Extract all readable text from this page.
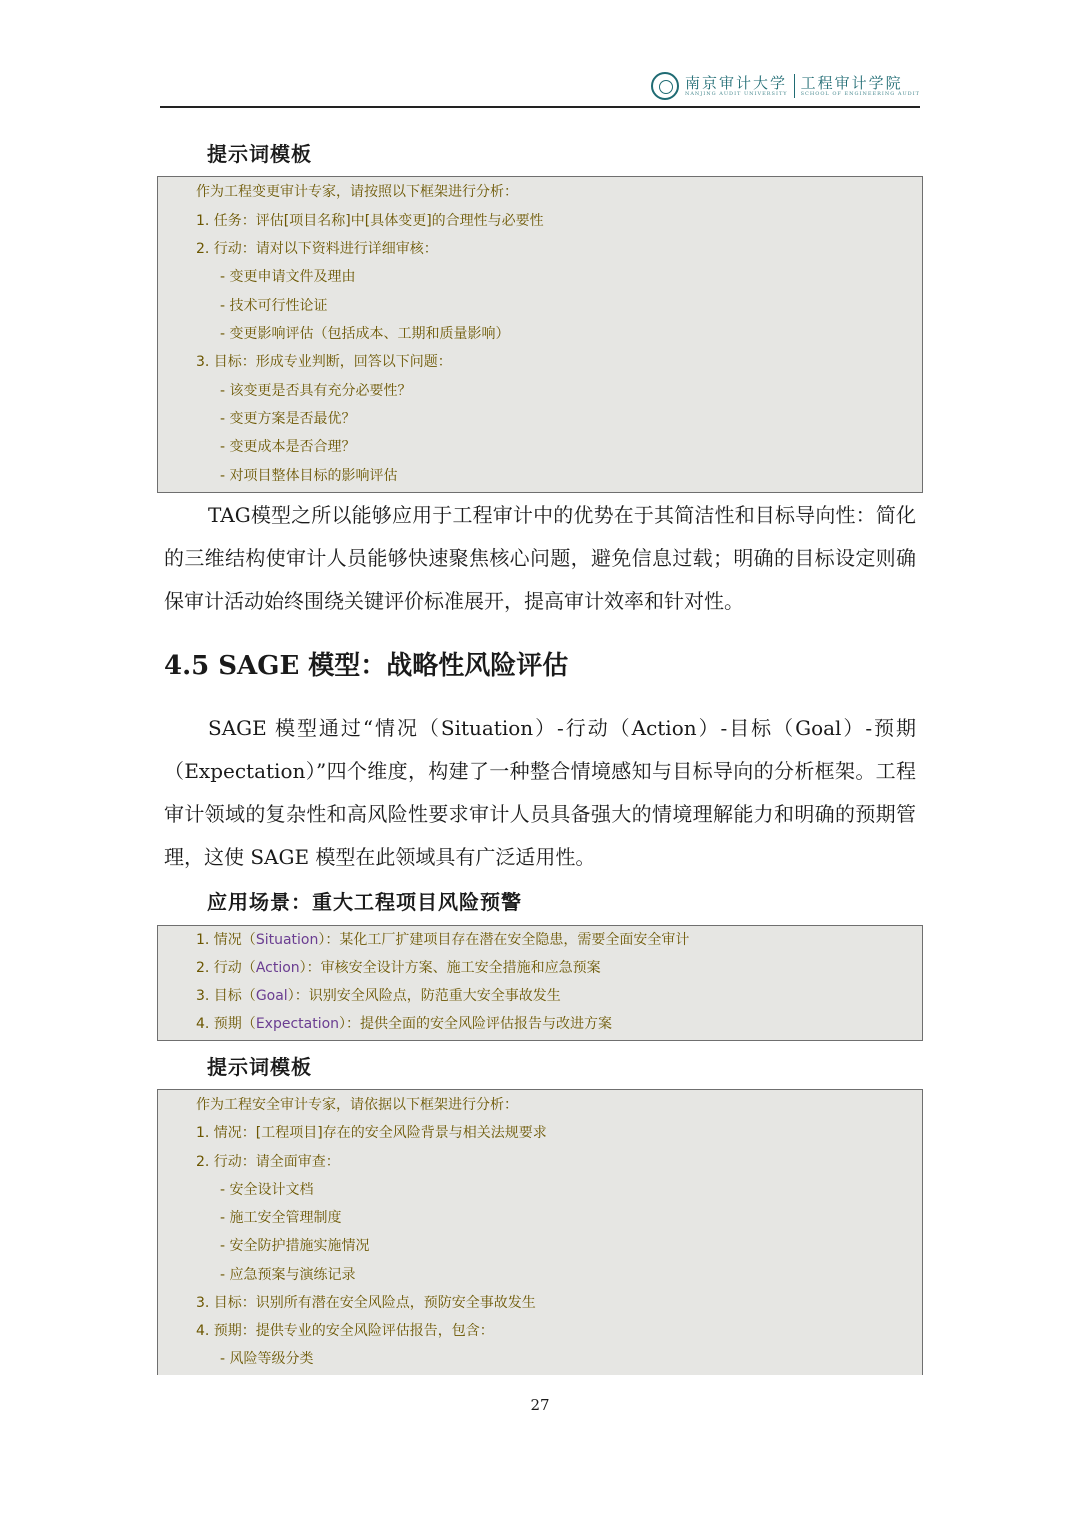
南京审计大学
NANJING AUDIT UNIVERSITY
工程审计学院
SCHOOL OF ENGINEERING AUDIT
提示词模板
作为工程变更审计专家，请按照以下框架进行分析：
1. 任务：评估[项目名称]中[具体变更]的合理性与必要性
2. 行动：请对以下资料进行详细审核：
- 变更申请文件及理由
- 技术可行性论证
- 变更影响评估（包括成本、工期和质量影响）
3. 目标：形成专业判断，回答以下问题：
- 该变更是否具有充分必要性？
- 变更方案是否最优？
- 变更成本是否合理？
- 对项目整体目标的影响评估

TAG模型之所以能够应用于工程审计中的优势在于其简洁性和目标导向性：简化的三维结构使审计人员能够快速聚焦核心问题，避免信息过载；明确的目标设定则确保审计活动始终围绕关键评价标准展开，提高审计效率和针对性。

4.5 SAGE 模型：战略性风险评估

SAGE 模型通过“情况（Situation）-行动（Action）-目标（Goal）-预期（Expectation）”四个维度，构建了一种整合情境感知与目标导向的分析框架。工程审计领域的复杂性和高风险性要求审计人员具备强大的情境理解能力和明确的预期管理，这使 SAGE 模型在此领域具有广泛适用性。

应用场景：重大工程项目风险预警
1. 情况（Situation）：某化工厂扩建项目存在潜在安全隐患，需要全面安全审计
2. 行动（Action）：审核安全设计方案、施工安全措施和应急预案
3. 目标（Goal）：识别安全风险点，防范重大安全事故发生
4. 预期（Expectation）：提供全面的安全风险评估报告与改进方案
提示词模板
作为工程安全审计专家，请依据以下框架进行分析：
1. 情况：[工程项目]存在的安全风险背景与相关法规要求
2. 行动：请全面审查：
- 安全设计文档
- 施工安全管理制度
- 安全防护措施实施情况
- 应急预案与演练记录
3. 目标：识别所有潜在安全风险点，预防安全事故发生
4. 预期：提供专业的安全风险评估报告，包含：
- 风险等级分类
27
